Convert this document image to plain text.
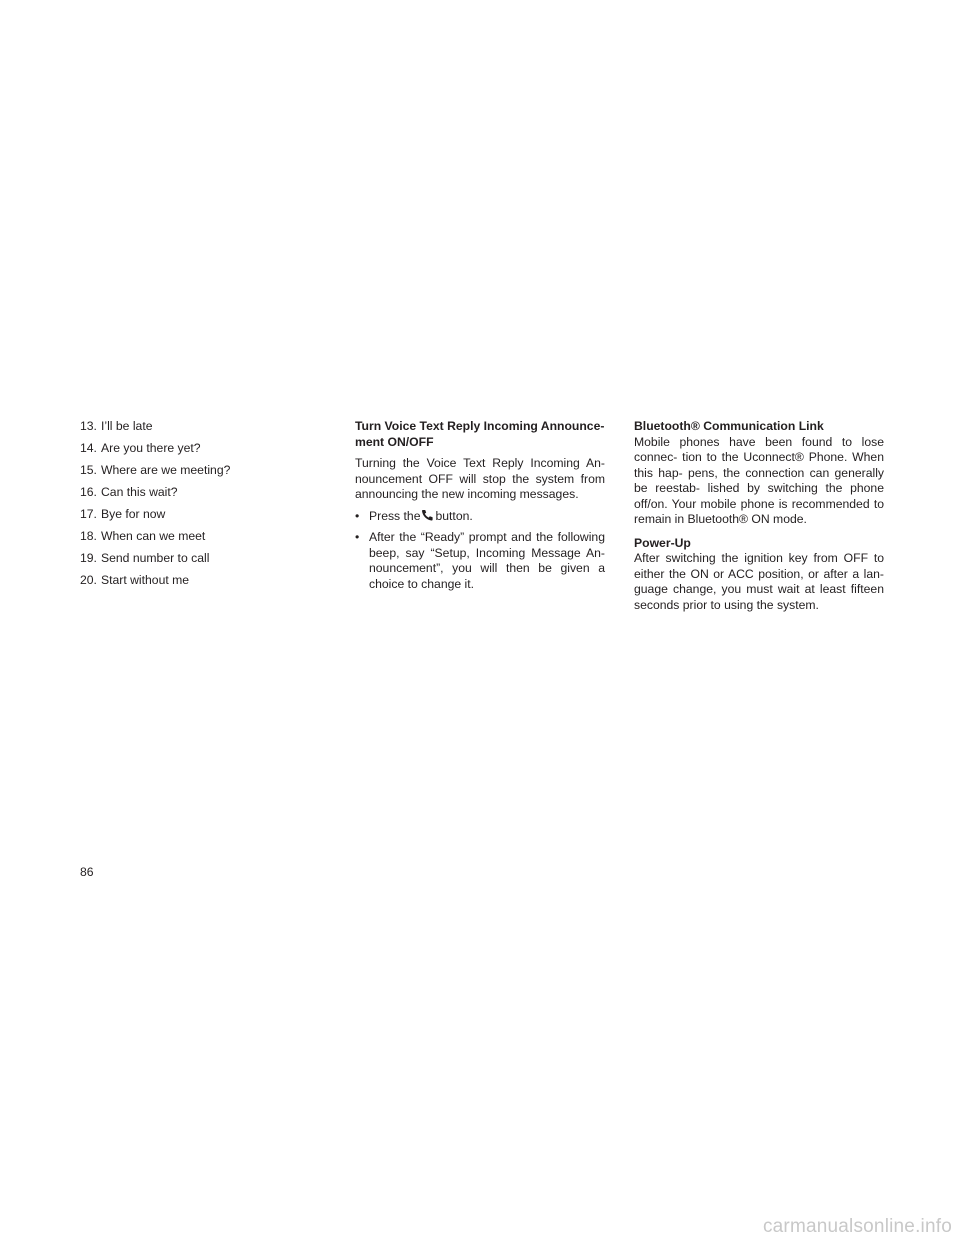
13. I’ll be late
14. Are you there yet?
15. Where are we meeting?
16. Can this wait?
17. Bye for now
18. When can we meet
19. Send number to call
20. Start without me
Turn Voice Text Reply Incoming Announce- ment ON/OFF

Turning the Voice Text Reply Incoming An- nouncement OFF will stop the system from announcing the new incoming messages.

• Press the button.
• After the “Ready” prompt and the following beep, say “Setup, Incoming Message An- nouncement”, you will then be given a choice to change it.
Bluetooth® Communication Link

Mobile phones have been found to lose connec- tion to the Uconnect® Phone. When this hap- pens, the connection can generally be reestab- lished by switching the phone off/on. Your mobile phone is recommended to remain in Bluetooth® ON mode.

Power-Up

After switching the ignition key from OFF to either the ON or ACC position, or after a lan- guage change, you must wait at least fifteen seconds prior to using the system.

86
carmanualsonline.info
